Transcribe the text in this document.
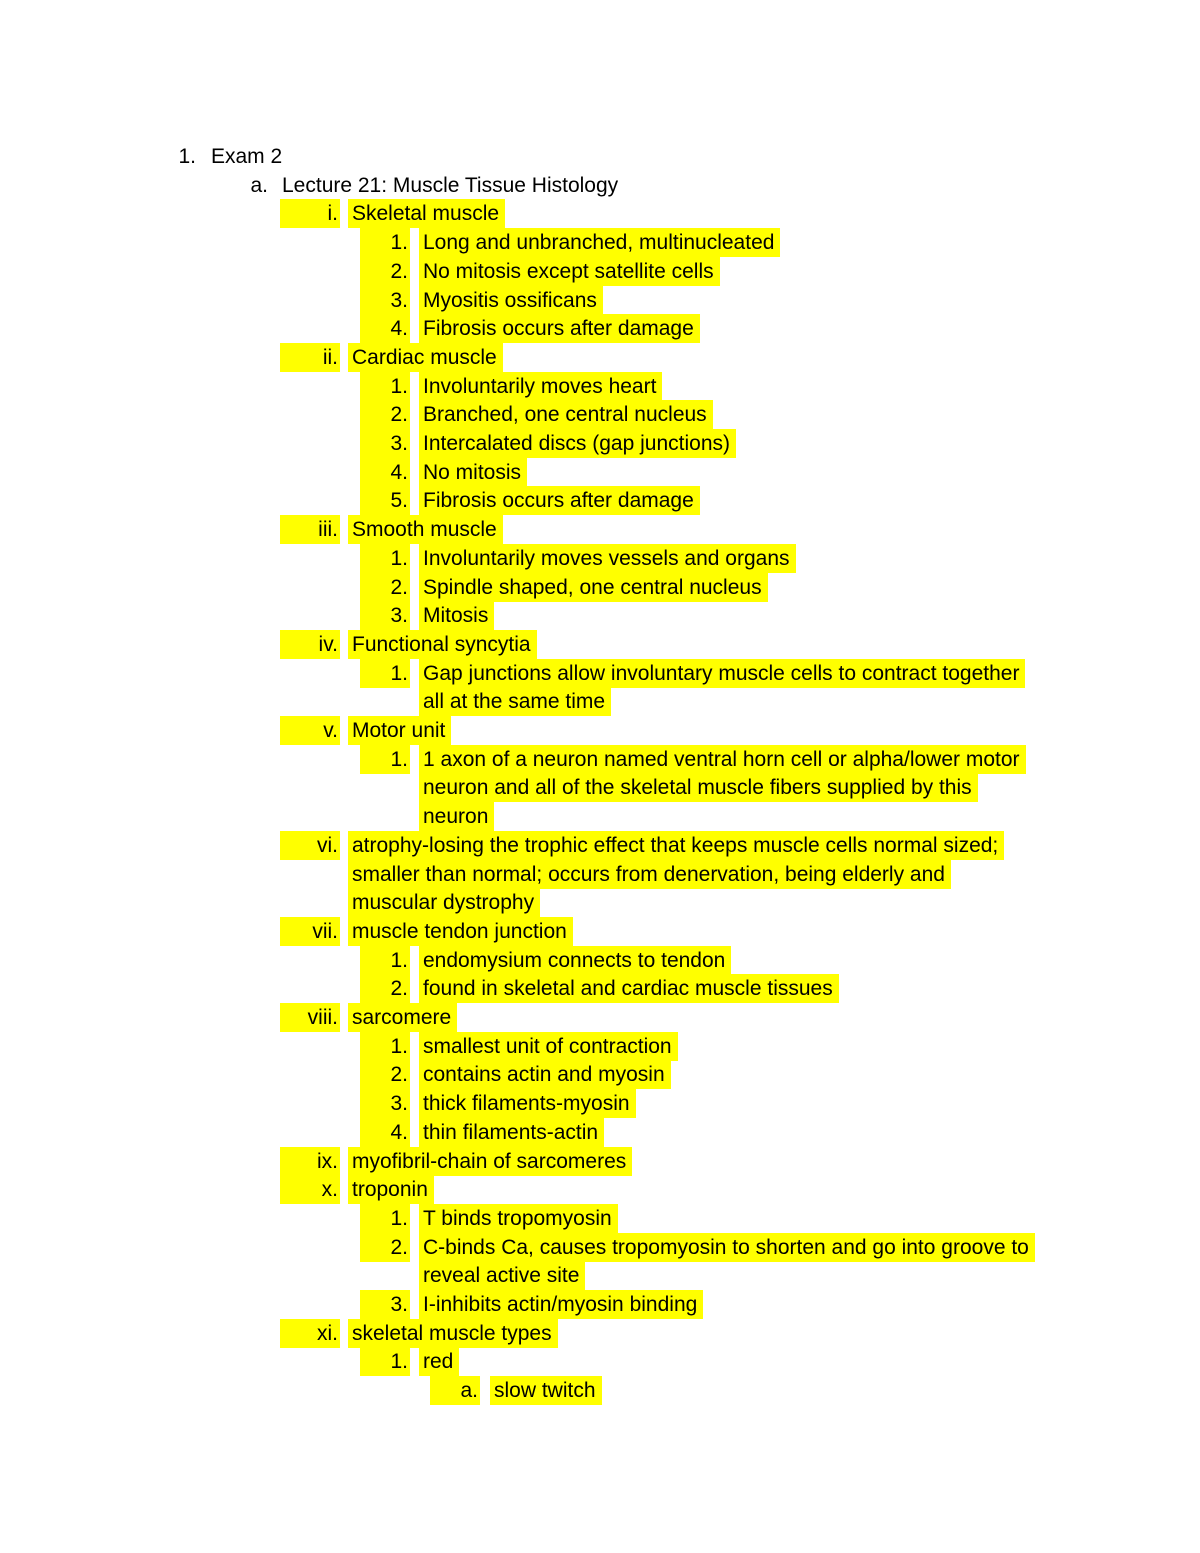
1. Exam 2
a. Lecture 21: Muscle Tissue Histology
i. Skeletal muscle
1. Long and unbranched, multinucleated
2. No mitosis except satellite cells
3. Myositis ossificans
4. Fibrosis occurs after damage
ii. Cardiac muscle
1. Involuntarily moves heart
2. Branched, one central nucleus
3. Intercalated discs (gap junctions)
4. No mitosis
5. Fibrosis occurs after damage
iii. Smooth muscle
1. Involuntarily moves vessels and organs
2. Spindle shaped, one central nucleus
3. Mitosis
iv. Functional syncytia
1. Gap junctions allow involuntary muscle cells to contract together
all at the same time
v. Motor unit
1. 1 axon of a neuron named ventral horn cell or alpha/lower motor
neuron and all of the skeletal muscle fibers supplied by this
neuron
vi. atrophy-losing the trophic effect that keeps muscle cells normal sized;
smaller than normal; occurs from denervation, being elderly and
muscular dystrophy
vii. muscle tendon junction
1. endomysium connects to tendon
2. found in skeletal and cardiac muscle tissues
viii. sarcomere
1. smallest unit of contraction
2. contains actin and myosin
3. thick filaments-myosin
4. thin filaments-actin
ix. myofibril-chain of sarcomeres
x. troponin
1. T binds tropomyosin
2. C-binds Ca, causes tropomyosin to shorten and go into groove to
reveal active site
3. I-inhibits actin/myosin binding
xi. skeletal muscle types
1. red
a. slow twitch
